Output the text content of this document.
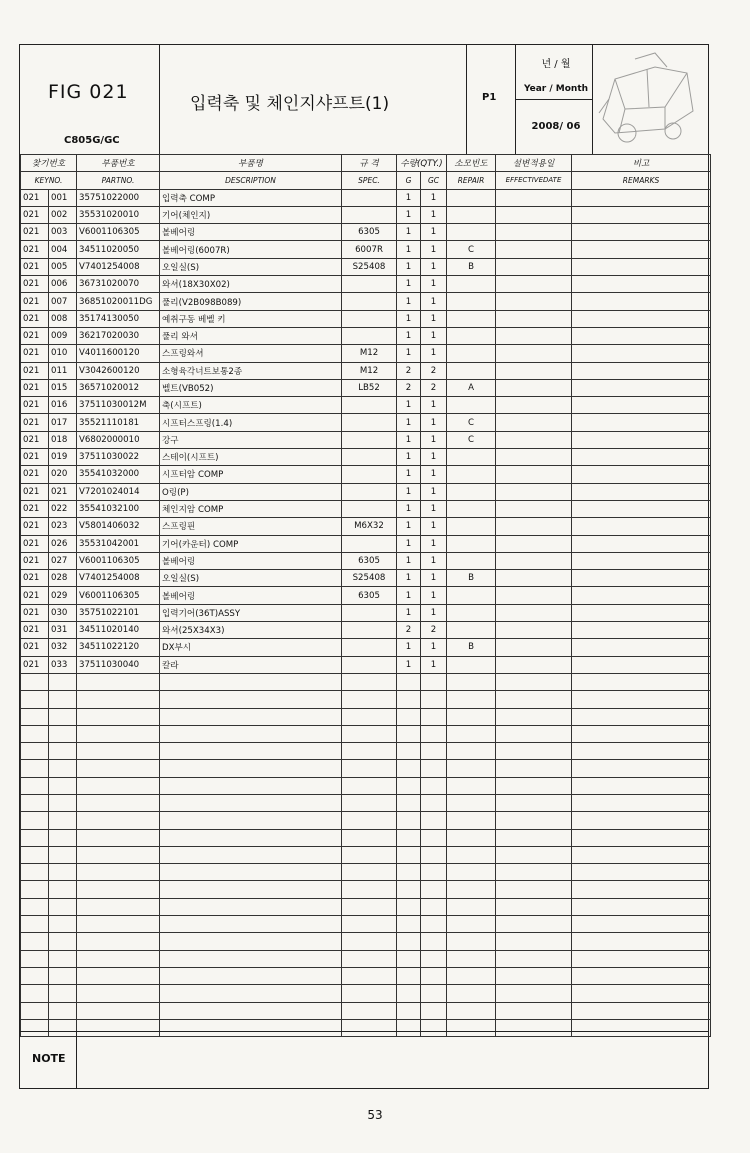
FIG 021
C805G/GC
입력축 및 체인지샤프트(1)	P1
년 / 월
Year / Month
2008/ 06
찾기번호		부품번호	부품명	규 격	수량(QTY.)		소모빈도	설변적용일	비고
KEYNO.		PARTNO.	DESCRIPTION	SPEC.	G	GC	REPAIR	EFFECTIVEDATE	REMARKS
021	001	35751022000	입력축 COMP		1	1			
021	002	35531020010	기어(체인지)		1	1			
021	003	V6001106305	볼베어링	6305	1	1			
021	004	34511020050	볼베어링(6007R)	6007R	1	1	C		
021	005	V7401254008	오일실(S)	S25408	1	1	B		
021	006	36731020070	와셔(18X30X02)		1	1			
021	007	36851020011DG	풀리(V2B098B089)		1	1			
021	008	35174130050	예취구동 베벨 키		1	1			
021	009	36217020030	풀리 와셔		1	1			
021	010	V4011600120	스프링와셔	M12	1	1			
021	011	V3042600120	소형육각너트보통2종	M12	2	2			
021	015	36571020012	벨트(VB052)	LB52	2	2	A		
021	016	37511030012M	축(시프트)		1	1			
021	017	35521110181	시프터스프링(1.4)		1	1	C		
021	018	V6802000010	강구		1	1	C		
021	019	37511030022	스테이(시프트)		1	1			
021	020	35541032000	시프터암 COMP		1	1			
021	021	V7201024014	O링(P)		1	1			
021	022	35541032100	체인지암 COMP		1	1			
021	023	V5801406032	스프링핀	M6X32	1	1			
021	026	35531042001	기어(카운터) COMP		1	1			
021	027	V6001106305	볼베어링	6305	1	1			
021	028	V7401254008	오일실(S)	S25408	1	1	B		
021	029	V6001106305	볼베어링	6305	1	1			
021	030	35751022101	입력기어(36T)ASSY		1	1			
021	031	34511020140	와셔(25X34X3)		2	2			
021	032	34511022120	DX부시		1	1	B		
021	033	37511030040	칼라		1	1			

NOTE
53
